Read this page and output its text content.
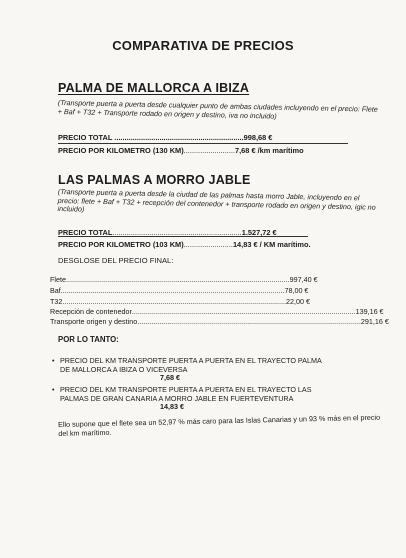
COMPARATIVA DE PRECIOS
PALMA DE MALLORCA A IBIZA
(Transporte puerta a puerta desde cualquier punto de ambas ciudades incluyendo en el precio: Flete + Baf + T32 + Transporte rodado en origen y destino, iva no incluido)
PRECIO TOTAL ...............................................................998,68 €
PRECIO POR KILOMETRO (130 KM).........................7,68 € /km marítimo
LAS PALMAS A MORRO JABLE
(Transporte puerta a puerta desde la ciudad de las palmas hasta morro Jable, incluyendo en el precio: flete + Baf + T32 + recepción del contenedor + transporte rodado en origen y destino, igic no incluido)
PRECIO TOTAL...............................................................1.527,72 €
PRECIO POR KILOMETRO (103 KM)........................14,83 € / KM marítimo.
DESGLOSE DEL PRECIO FINAL:
Flete ................................................................................................................ 997,40 €
Baf ................................................................................................................ 78,00 €
T32 ................................................................................................................ 22,00 €
Recepción de contenedor ................................................................................................................ 139,16 €
Transporte origen y destino ................................................................................................................ 291,16 €
POR LO TANTO:
• PRECIO DEL KM TRANSPORTE PUERTA A PUERTA EN EL TRAYECTO PALMA DE MALLORCA A IBIZA O VICEVERSA
7,68 €
• PRECIO DEL KM TRANSPORTE PUERTA A PUERTA EN EL TRAYECTO LAS PALMAS DE GRAN CANARIA A MORRO JABLE EN FUERTEVENTURA
14,83 €
Ello supone que el flete sea un 52,97 % más caro para las Islas Canarias y un 93 % más en el precio del km marítimo.
